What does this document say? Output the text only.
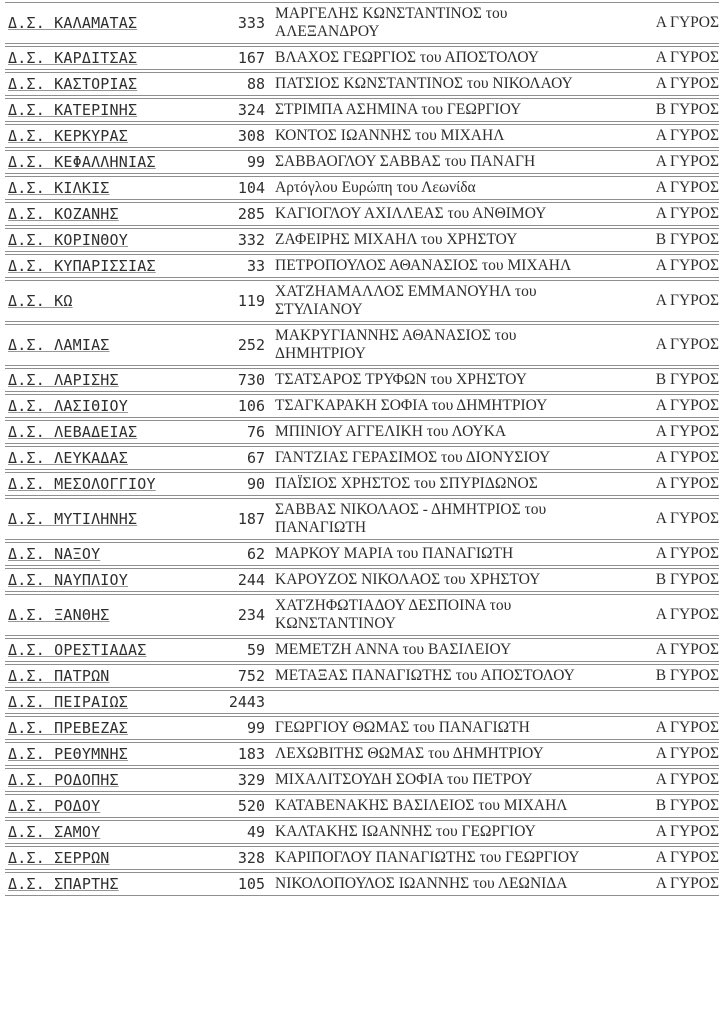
Δ.Σ. ΚΑΛΑΜΑΤΑΣ	333	ΜΑΡΓΕΛΗΣ ΚΩΝΣΤΑΝΤΙΝΟΣ του ΑΛΕΞΑΝΔΡΟΥ	Α ΓΥΡΟΣ
Δ.Σ. ΚΑΡΔΙΤΣΑΣ	167	ΒΛΑΧΟΣ ΓΕΩΡΓΙΟΣ του ΑΠΟΣΤΟΛΟΥ	Α ΓΥΡΟΣ
Δ.Σ. ΚΑΣΤΟΡΙΑΣ	88	ΠΑΤΣΙΟΣ ΚΩΝΣΤΑΝΤΙΝΟΣ του ΝΙΚΟΛΑΟΥ	Α ΓΥΡΟΣ
Δ.Σ. ΚΑΤΕΡΙΝΗΣ	324	ΣΤΡΙΜΠΑ ΑΣΗΜΙΝΑ του ΓΕΩΡΓΙΟΥ	Β ΓΥΡΟΣ
Δ.Σ. ΚΕΡΚΥΡΑΣ	308	ΚΟΝΤΟΣ ΙΩΑΝΝΗΣ του ΜΙΧΑΗΛ	Α ΓΥΡΟΣ
Δ.Σ. ΚΕΦΑΛΛΗΝΙΑΣ	99	ΣΑΒΒΑΟΓΛΟΥ ΣΑΒΒΑΣ του ΠΑΝΑΓΗ	Α ΓΥΡΟΣ
Δ.Σ. ΚΙΛΚΙΣ	104	Αρτόγλου Ευρώπη του Λεωνίδα	Α ΓΥΡΟΣ
Δ.Σ. ΚΟΖΑΝΗΣ	285	ΚΑΓΙΟΓΛΟΥ ΑΧΙΛΛΕΑΣ του ΑΝΘΙΜΟΥ	Α ΓΥΡΟΣ
Δ.Σ. ΚΟΡΙΝΘΟΥ	332	ΖΑΦΕΙΡΗΣ ΜΙΧΑΗΛ του ΧΡΗΣΤΟΥ	Β ΓΥΡΟΣ
Δ.Σ. ΚΥΠΑΡΙΣΣΙΑΣ	33	ΠΕΤΡΟΠΟΥΛΟΣ ΑΘΑΝΑΣΙΟΣ του ΜΙΧΑΗΛ	Α ΓΥΡΟΣ
Δ.Σ. ΚΩ	119	ΧΑΤΖΗΑΜΑΛΛΟΣ ΕΜΜΑΝΟΥΗΛ του ΣΤΥΛΙΑΝΟΥ	Α ΓΥΡΟΣ
Δ.Σ. ΛΑΜΙΑΣ	252	ΜΑΚΡΥΓΙΑΝΝΗΣ ΑΘΑΝΑΣΙΟΣ του ΔΗΜΗΤΡΙΟΥ	Α ΓΥΡΟΣ
Δ.Σ. ΛΑΡΙΣΗΣ	730	ΤΣΑΤΣΑΡΟΣ ΤΡΥΦΩΝ του ΧΡΗΣΤΟΥ	Β ΓΥΡΟΣ
Δ.Σ. ΛΑΣΙΘΙΟΥ	106	ΤΣΑΓΚΑΡΑΚΗ ΣΟΦΙΑ του ΔΗΜΗΤΡΙΟΥ	Α ΓΥΡΟΣ
Δ.Σ. ΛΕΒΑΔΕΙΑΣ	76	ΜΠΙΝΙΟΥ ΑΓΓΕΛΙΚΗ του ΛΟΥΚΑ	Α ΓΥΡΟΣ
Δ.Σ. ΛΕΥΚΑΔΑΣ	67	ΓΑΝΤΖΙΑΣ ΓΕΡΑΣΙΜΟΣ του ΔΙΟΝΥΣΙΟΥ	Α ΓΥΡΟΣ
Δ.Σ. ΜΕΣΟΛΟΓΓΙΟΥ	90	ΠΑΪΣΙΟΣ ΧΡΗΣΤΟΣ του ΣΠΥΡΙΔΩΝΟΣ	Α ΓΥΡΟΣ
Δ.Σ. ΜΥΤΙΛΗΝΗΣ	187	ΣΑΒΒΑΣ ΝΙΚΟΛΑΟΣ - ΔΗΜΗΤΡΙΟΣ του ΠΑΝΑΓΙΩΤΗ	Α ΓΥΡΟΣ
Δ.Σ. ΝΑΞΟΥ	62	ΜΑΡΚΟΥ ΜΑΡΙΑ του ΠΑΝΑΓΙΩΤΗ	Α ΓΥΡΟΣ
Δ.Σ. ΝΑΥΠΛΙΟΥ	244	ΚΑΡΟΥΖΟΣ ΝΙΚΟΛΑΟΣ του ΧΡΗΣΤΟΥ	Β ΓΥΡΟΣ
Δ.Σ. ΞΑΝΘΗΣ	234	ΧΑΤΖΗΦΩΤΙΑΔΟΥ ΔΕΣΠΟΙΝΑ του ΚΩΝΣΤΑΝΤΙΝΟΥ	Α ΓΥΡΟΣ
Δ.Σ. ΟΡΕΣΤΙΑΔΑΣ	59	ΜΕΜΕΤΖΗ ΑΝΝΑ του ΒΑΣΙΛΕΙΟΥ	Α ΓΥΡΟΣ
Δ.Σ. ΠΑΤΡΩΝ	752	ΜΕΤΑΞΑΣ ΠΑΝΑΓΙΩΤΗΣ του ΑΠΟΣΤΟΛΟΥ	Β ΓΥΡΟΣ
Δ.Σ. ΠΕΙΡΑΙΩΣ	2443		
Δ.Σ. ΠΡΕΒΕΖΑΣ	99	ΓΕΩΡΓΙΟΥ ΘΩΜΑΣ του ΠΑΝΑΓΙΩΤΗ	Α ΓΥΡΟΣ
Δ.Σ. ΡΕΘΥΜΝΗΣ	183	ΛΕΧΩΒΙΤΗΣ ΘΩΜΑΣ του ΔΗΜΗΤΡΙΟΥ	Α ΓΥΡΟΣ
Δ.Σ. ΡΟΔΟΠΗΣ	329	ΜΙΧΑΛΙΤΣΟΥΔΗ ΣΟΦΙΑ του ΠΕΤΡΟΥ	Α ΓΥΡΟΣ
Δ.Σ. ΡΟΔΟΥ	520	ΚΑΤΑΒΕΝΑΚΗΣ ΒΑΣΙΛΕΙΟΣ του ΜΙΧΑΗΛ	Β ΓΥΡΟΣ
Δ.Σ. ΣΑΜΟΥ	49	ΚΑΛΤΑΚΗΣ ΙΩΑΝΝΗΣ του ΓΕΩΡΓΙΟΥ	Α ΓΥΡΟΣ
Δ.Σ. ΣΕΡΡΩΝ	328	ΚΑΡΙΠΟΓΛΟΥ ΠΑΝΑΓΙΩΤΗΣ του ΓΕΩΡΓΙΟΥ	Α ΓΥΡΟΣ
Δ.Σ. ΣΠΑΡΤΗΣ	105	ΝΙΚΟΛΟΠΟΥΛΟΣ ΙΩΑΝΝΗΣ του ΛΕΩΝΙΔΑ	Α ΓΥΡΟΣ
